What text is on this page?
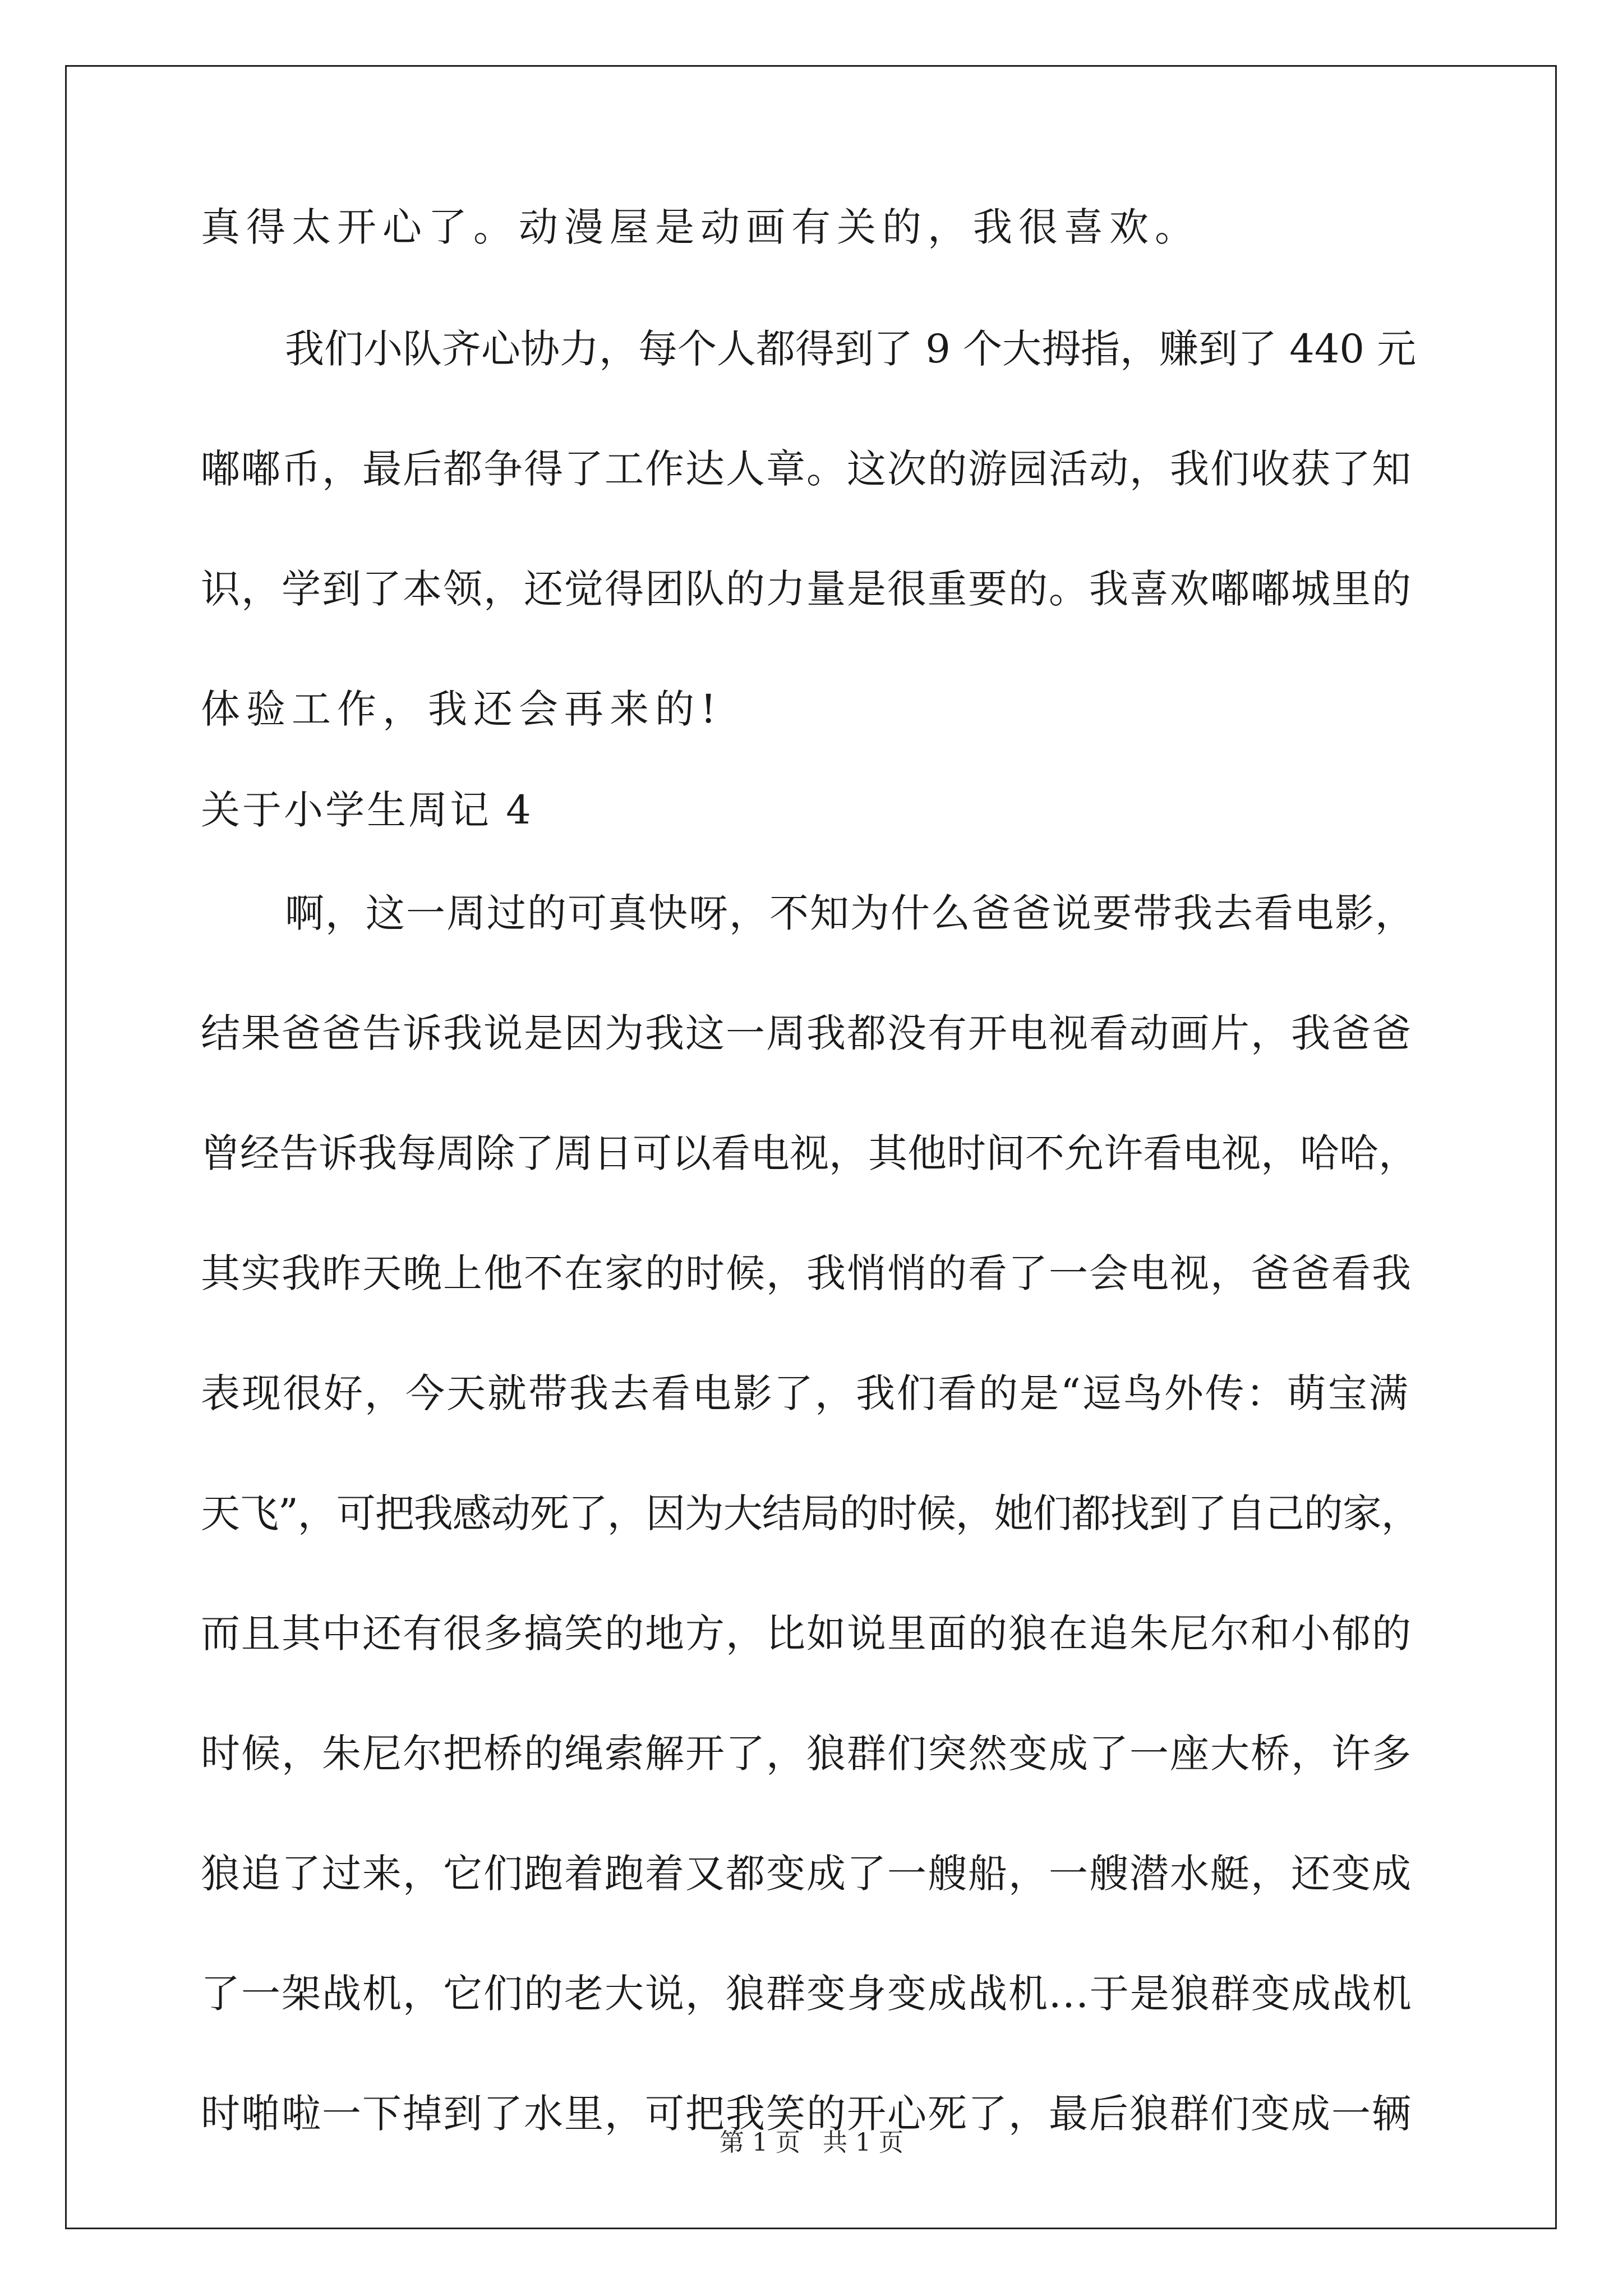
真得太开心了。动漫屋是动画有关的，我很喜欢。
我们小队齐心协力，每个人都得到了 9 个大拇指，赚到了 440 元
嘟嘟币，最后都争得了工作达人章。这次的游园活动，我们收获了知
识，学到了本领，还觉得团队的力量是很重要的。我喜欢嘟嘟城里的
体验工作，我还会再来的!
关于小学生周记 4
啊，这一周过的可真快呀，不知为什么爸爸说要带我去看电影，
结果爸爸告诉我说是因为我这一周我都没有开电视看动画片，我爸爸
曾经告诉我每周除了周日可以看电视，其他时间不允许看电视，哈哈，
其实我昨天晚上他不在家的时候，我悄悄的看了一会电视，爸爸看我
表现很好，今天就带我去看电影了，我们看的是“逗鸟外传：萌宝满
天飞”，可把我感动死了，因为大结局的时候，她们都找到了自己的家，
而且其中还有很多搞笑的地方，比如说里面的狼在追朱尼尔和小郁的
时候，朱尼尔把桥的绳索解开了，狼群们突然变成了一座大桥，许多
狼追了过来，它们跑着跑着又都变成了一艘船，一艘潜水艇，还变成
了一架战机，它们的老大说，狼群变身变成战机...于是狼群变成战机
时啪啦一下掉到了水里，可把我笑的开心死了，最后狼群们变成一辆
第 1 页 共 1 页
